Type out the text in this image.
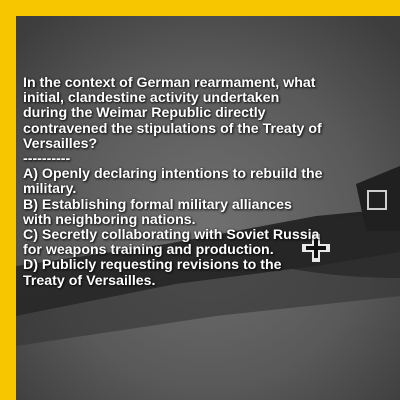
In the context of German rearmament, what initial, clandestine activity undertaken during the Weimar Republic directly contravened the stipulations of the Treaty of Versailles?

----------

A) Openly declaring intentions to rebuild the military.

B) Establishing formal military alliances with neighboring nations.

C) Secretly collaborating with Soviet Russia for weapons training and production.

D) Publicly requesting revisions to the Treaty of Versailles.
